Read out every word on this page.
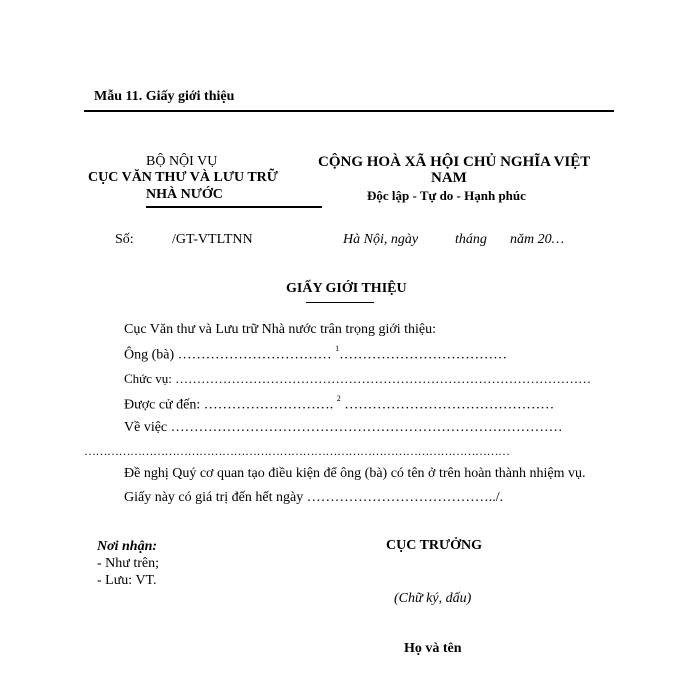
Mẫu 11. Giấy giới thiệu
BỘ NỘI VỤ
CỤC VĂN THƯ VÀ LƯU TRỮ
NHÀ NƯỚC
CỘNG HOÀ XÃ HỘI CHỦ NGHĨA VIỆT
NAM
Độc lập - Tự do - Hạnh phúc
Số:	/GT-VTLTNN	Hà Nội, ngày	tháng năm 20…
GIẤY GIỚI THIỆU
Cục Văn thư và Lưu trữ Nhà nước trân trọng giới thiệu:
Ông (bà) …………………………… $^1$………………………………
Chức vụ: ……………………………………………………………………………………
Được cử đến: ………………………. $^2$ ………………………………………
Về việc …………………………………………………………………………
…………………………………………………………………………………………………
Đề nghị Quý cơ quan tạo điều kiện để ông (bà) có tên ở trên hoàn thành nhiệm vụ.
Giấy này có giá trị đến hết ngày …………………………………../.
Nơi nhận:
- Như trên;
- Lưu: VT.
CỤC TRƯỞNG
(Chữ ký, dấu)
Họ và tên
